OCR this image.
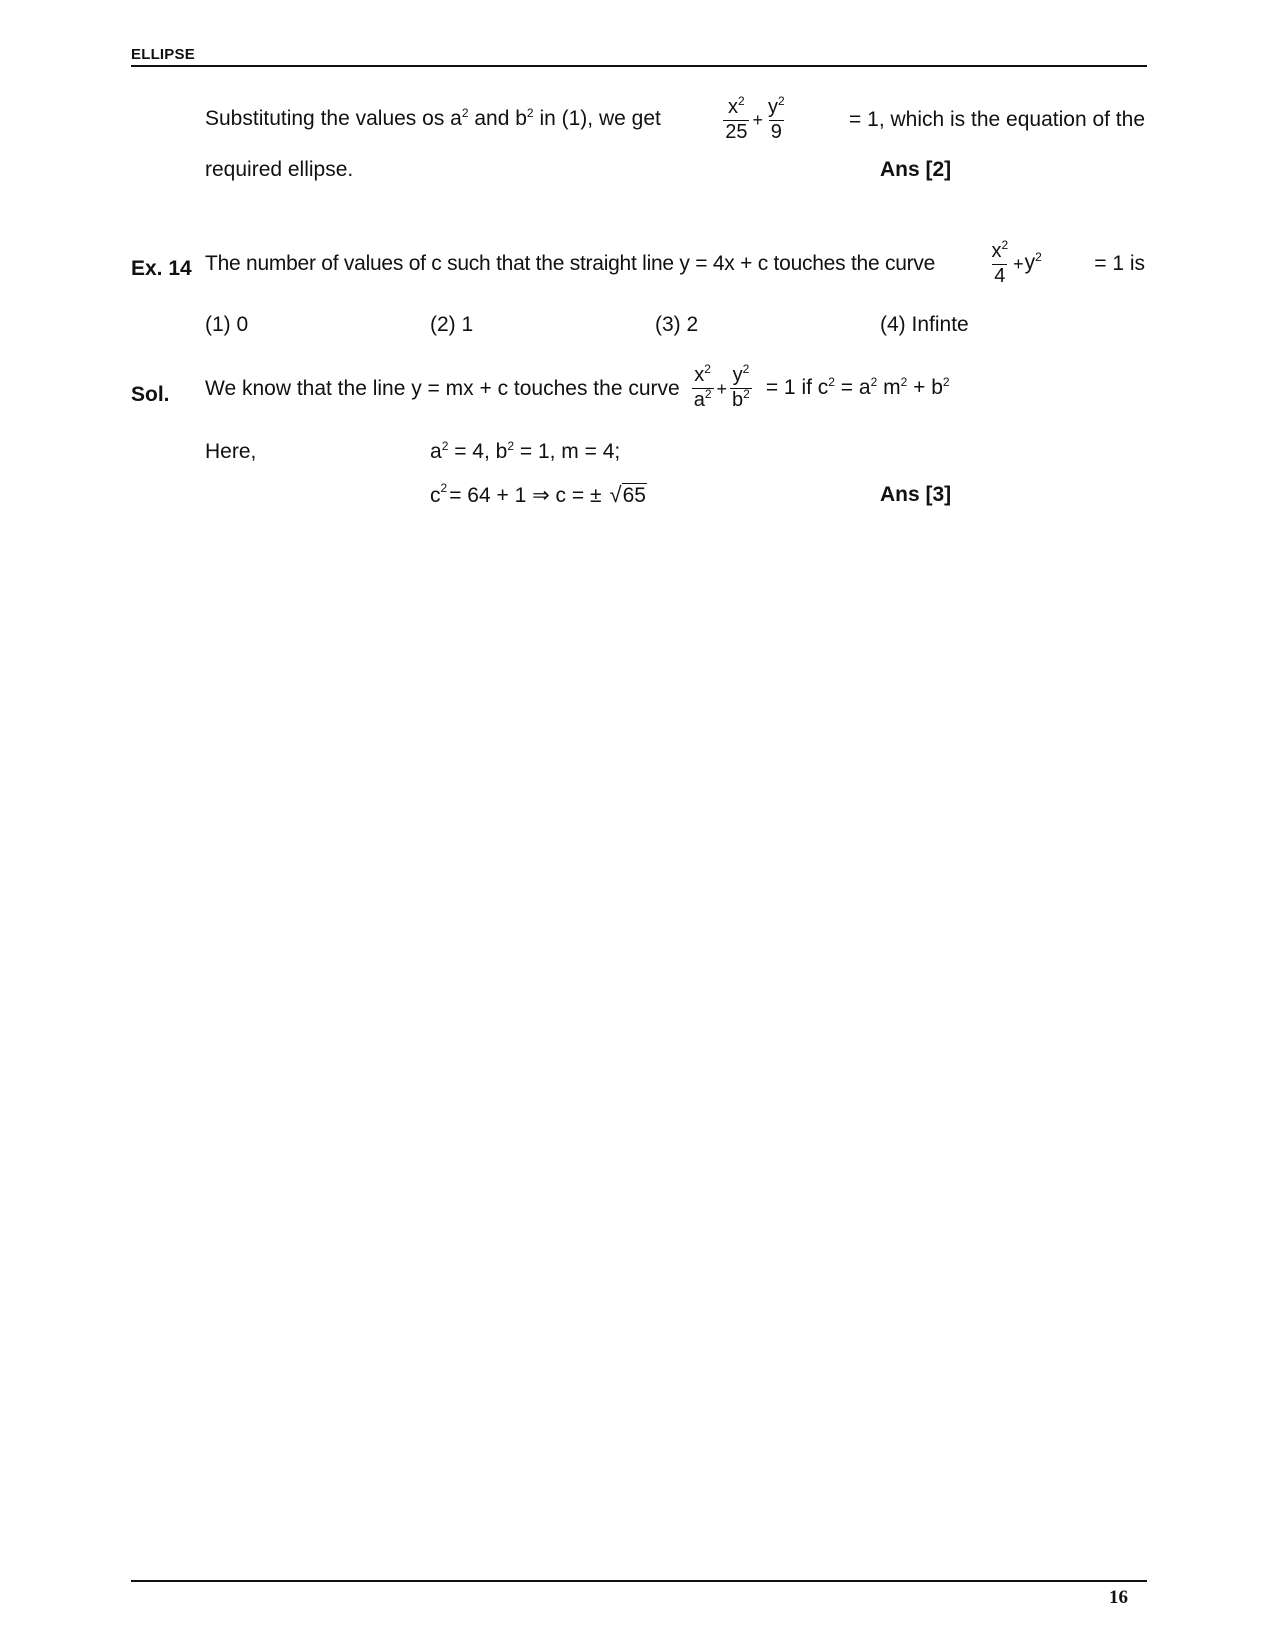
ELLIPSE
Substituting the values os $a^2$ and $b^2$ in (1), we get	$\frac{x^2}{25} + \frac{y^2}{9}$	= 1, which is the equation of the
required ellipse.	Ans [2]
Ex. 14 The number of values of c such that the straight line y = 4x + c touches the curve	$\frac{x^2}{4} + y^2 = 1$ is
(1) 0	(2) 1	(3) 2	(4) Infinte
Sol. We know that the line y = mx + c touches the curve $\frac{x^2}{a^2} + \frac{y^2}{b^2} = 1$ if $c^2 = a^2$ $m^2 + b^2$
Here,	$a^2 = 4$, $b^2 = 1$, m = 4;
$c^2 = 64 + 1$ ⇒ c = ± √65	Ans [3]
16
